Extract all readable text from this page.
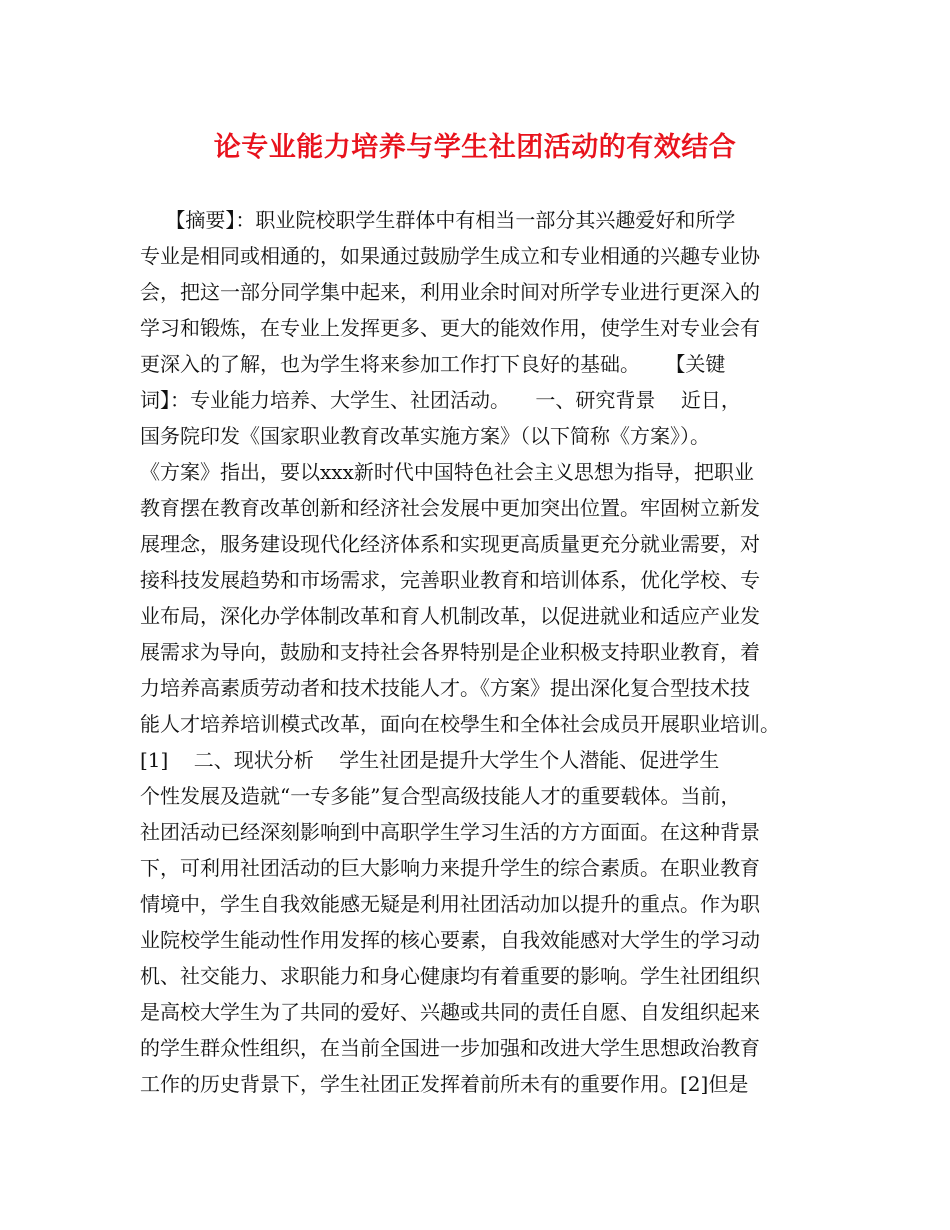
论专业能力培养与学生社团活动的有效结合
【摘要】：职业院校职学生群体中有相当一部分其兴趣爱好和所学
专业是相同或相通的，如果通过鼓励学生成立和专业相通的兴趣专业协
会，把这一部分同学集中起来，利用业余时间对所学专业进行更深入的
学习和锻炼，在专业上发挥更多、更大的能效作用，使学生对专业会有
更深入的了解，也为学生将来参加工作打下良好的基础。    【关键
词】：专业能力培养、大学生、社团活动。    一、研究背景    近日，
国务院印发《国家职业教育改革实施方案》（以下简称《方案》）。
《方案》指出，要以xxx新时代中国特色社会主义思想为指导，把职业
教育摆在教育改革创新和经济社会发展中更加突出位置。牢固树立新发
展理念，服务建设现代化经济体系和实现更高质量更充分就业需要，对
接科技发展趋势和市场需求，完善职业教育和培训体系，优化学校、专
业布局，深化办学体制改革和育人机制改革，以促进就业和适应产业发
展需求为导向，鼓励和支持社会各界特别是企业积极支持职业教育，着
力培养高素质劳动者和技术技能人才。《方案》提出深化复合型技术技
能人才培养培训模式改革，面向在校學生和全体社会成员开展职业培训。
[1]    二、现状分析    学生社团是提升大学生个人潜能、促进学生
个性发展及造就“一专多能”复合型高级技能人才的重要载体。当前，
社团活动已经深刻影响到中高职学生学习生活的方方面面。在这种背景
下，可利用社团活动的巨大影响力来提升学生的综合素质。在职业教育
情境中，学生自我效能感无疑是利用社团活动加以提升的重点。作为职
业院校学生能动性作用发挥的核心要素，自我效能感对大学生的学习动
机、社交能力、求职能力和身心健康均有着重要的影响。学生社团组织
是高校大学生为了共同的爱好、兴趣或共同的责任自愿、自发组织起来
的学生群众性组织，在当前全国进一步加强和改进大学生思想政治教育
工作的历史背景下，学生社团正发挥着前所未有的重要作用。[2]但是
